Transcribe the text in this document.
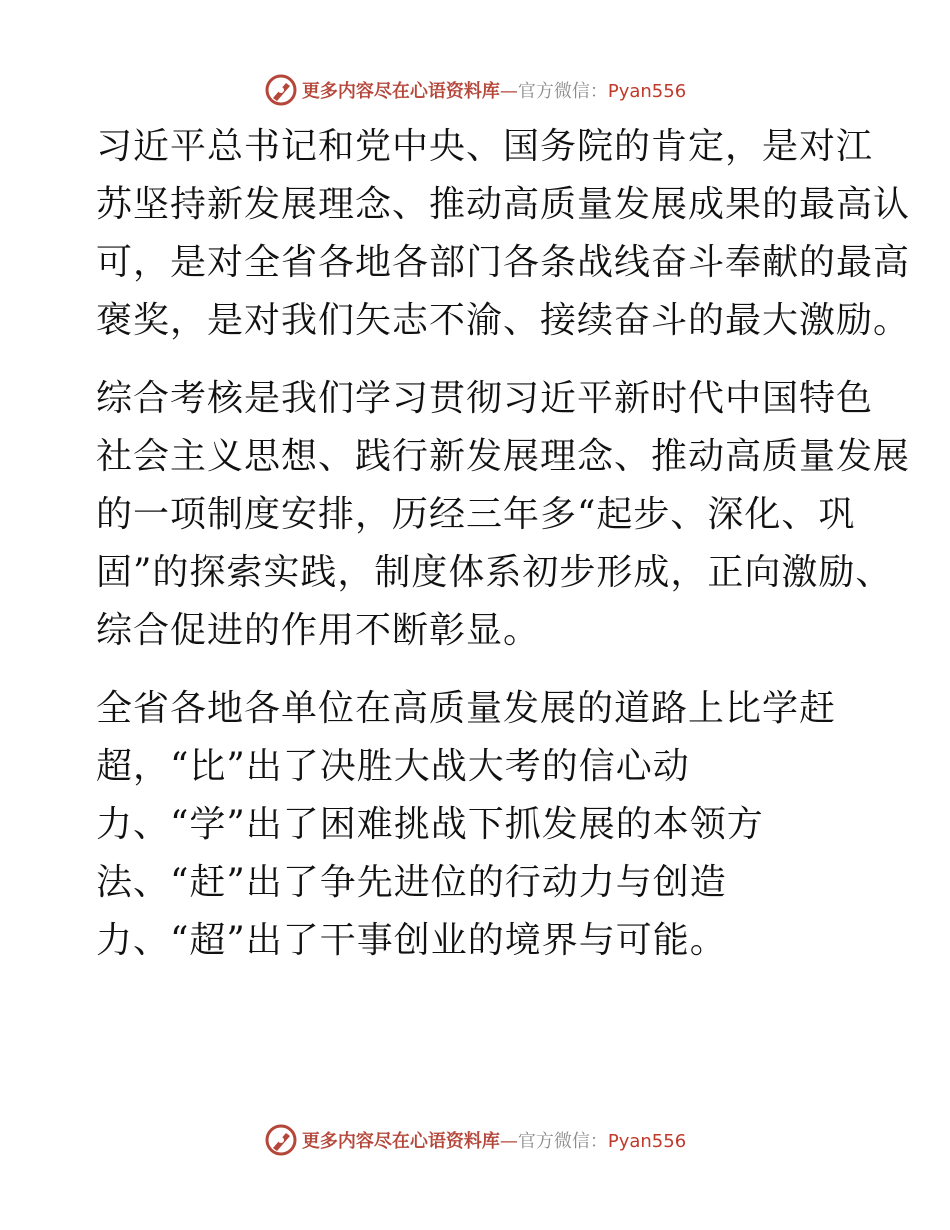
更多内容尽在心语资料库—官方微信：Pyan556

习近平总书记和党中央、国务院的肯定，是对江
苏坚持新发展理念、推动高质量发展成果的最高认
可，是对全省各地各部门各条战线奋斗奉献的最高
褒奖，是对我们矢志不渝、接续奋斗的最大激励。

综合考核是我们学习贯彻习近平新时代中国特色
社会主义思想、践行新发展理念、推动高质量发展
的一项制度安排，历经三年多“起步、深化、巩
固”的探索实践，制度体系初步形成，正向激励、
综合促进的作用不断彰显。

全省各地各单位在高质量发展的道路上比学赶
超，“比”出了决胜大战大考的信心动
力、“学”出了困难挑战下抓发展的本领方
法、“赶”出了争先进位的行动力与创造
力、“超”出了干事创业的境界与可能。

更多内容尽在心语资料库—官方微信：Pyan556
